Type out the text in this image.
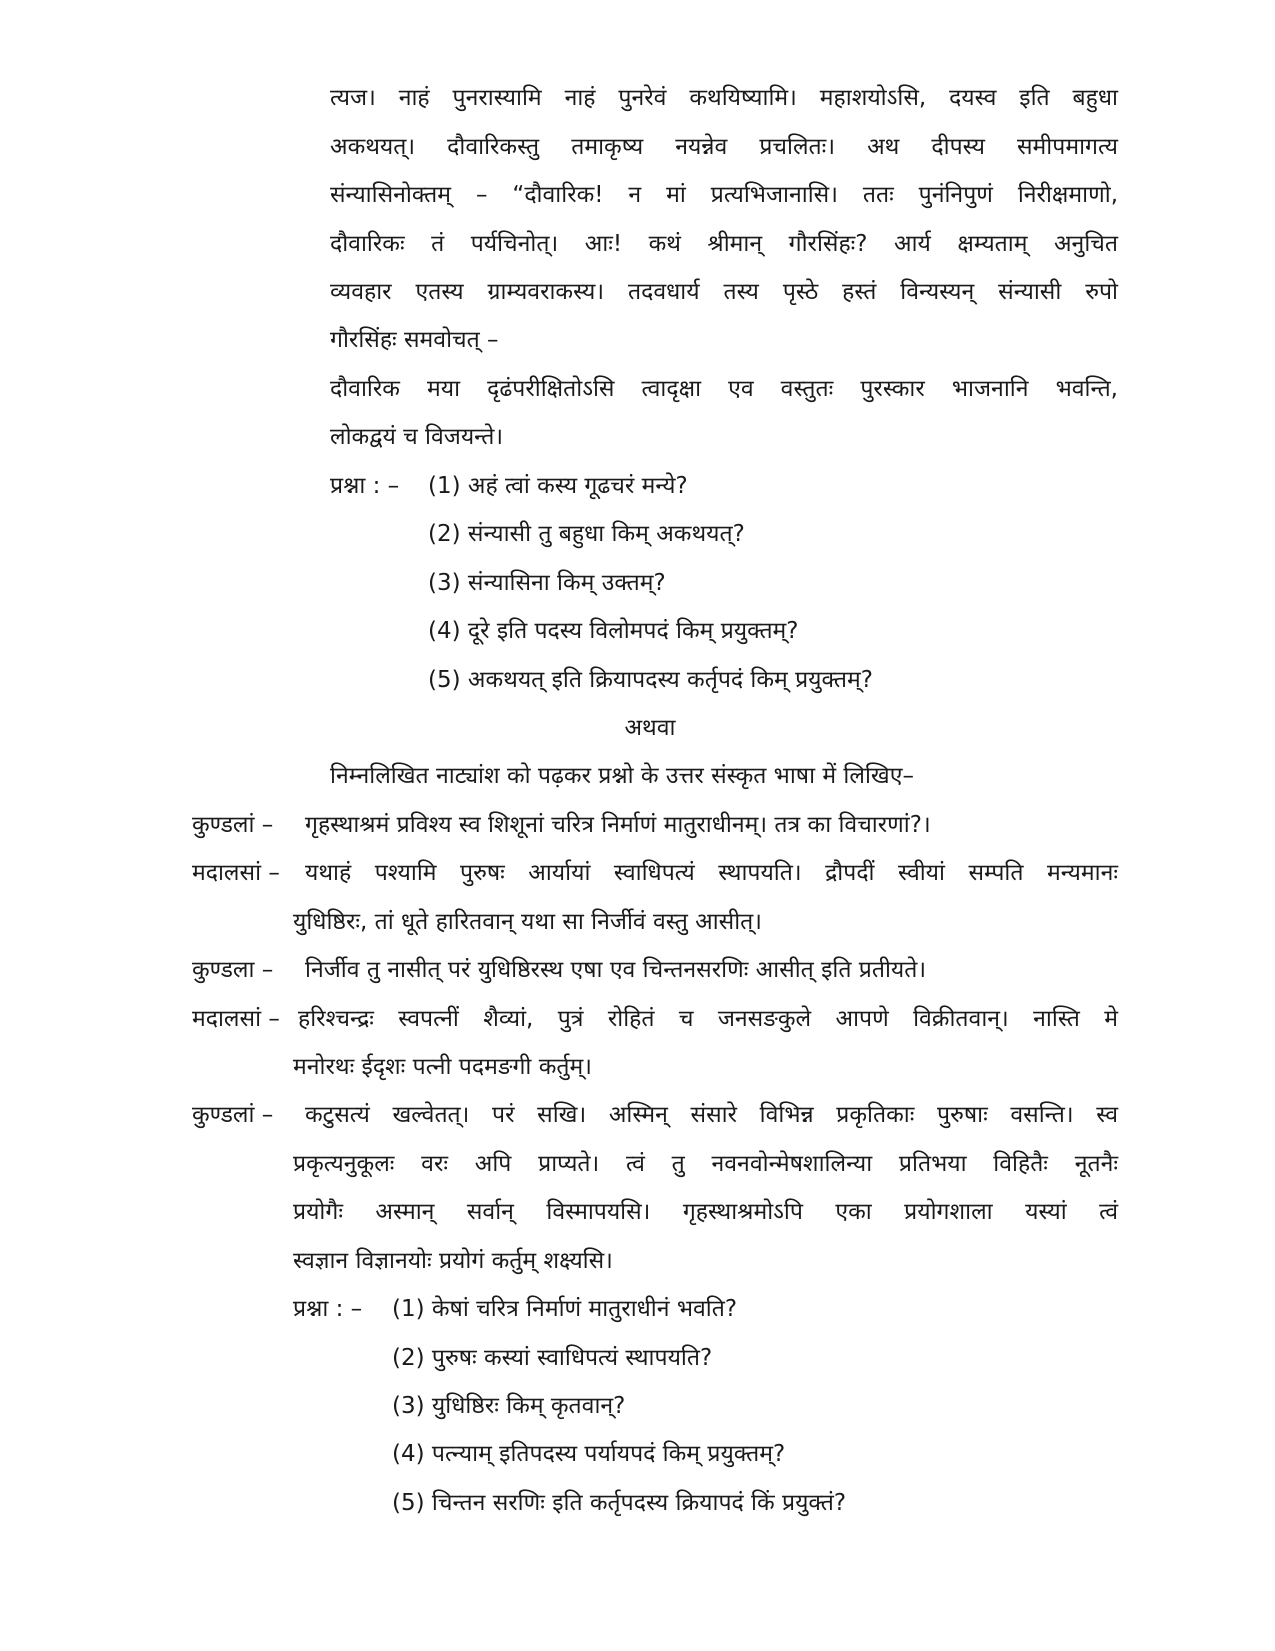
त्यज। नाहं पुनरास्यामि नाहं पुनरेवं कथयिष्यामि। महाशयोऽसि, दयस्व इति बहुधा
अकथयत्। दौवारिकस्तु तमाकृष्य नयन्नेव प्रचलितः। अथ दीपस्य समीपमागत्य
संन्यासिनोक्तम् – “दौवारिक! न मां प्रत्यभिजानासि। ततः पुनंनिपुणं निरीक्षमाणो,
दौवारिकः तं पर्यचिनोत्। आः! कथं श्रीमान् गौरसिंहः? आर्य क्षम्यताम् अनुचित
व्यवहार एतस्य ग्राम्यवराकस्य। तदवधार्य तस्य पृस्ठे हस्तं विन्यस्यन् संन्यासी रुपो
गौरसिंहः समवोचत् –
दौवारिक मया दृढंपरीक्षितोऽसि त्वादृक्षा एव वस्तुतः पुरस्कार भाजनानि भवन्ति,
लोकद्वयं च विजयन्ते।
प्रश्ना : – (1) अहं त्वां कस्य गूढचरं मन्ये?
(2) संन्यासी तु बहुधा किम् अकथयत्?
(3) संन्यासिना किम् उक्तम्?
(4) दूरे इति पदस्य विलोमपदं किम् प्रयुक्तम्?
(5) अकथयत् इति क्रियापदस्य कर्तृपदं किम् प्रयुक्तम्?
अथवा
निम्नलिखित नाट्यांश को पढ़कर प्रश्नो के उत्तर संस्कृत भाषा में लिखिए–
कुण्डलां – गृहस्थाश्रमं प्रविश्य स्व शिशूनां चरित्र निर्माणं मातुराधीनम्। तत्र का विचारणां?।
मदालसां – यथाहं पश्यामि पुरुषः आर्यायां स्वाधिपत्यं स्थापयति। द्रौपदीं स्वीयां सम्पति मन्यमानः
युधिष्ठिरः, तां धूते हारितवान् यथा सा निर्जीवं वस्तु आसीत्।
कुण्डला – निर्जीव तु नासीत् परं युधिष्ठिरस्थ एषा एव चिन्तनसरणिः आसीत् इति प्रतीयते।
मदालसां – हरिश्चन्द्रः स्वपत्नीं शैव्यां, पुत्रं रोहितं च जनसङकुले आपणे विक्रीतवान्। नास्ति मे
मनोरथः ईदृशः पत्नी पदमङगी कर्तुम्।
कुण्डलां – कटुसत्यं खल्वेतत्। परं सखि। अस्मिन् संसारे विभिन्न प्रकृतिकाः पुरुषाः वसन्ति। स्व
प्रकृत्यनुकूलः वरः अपि प्राप्यते। त्वं तु नवनवोन्मेषशालिन्या प्रतिभया विहितैः नूतनैः
प्रयोगैः अस्मान् सर्वान् विस्मापयसि। गृहस्थाश्रमोऽपि एका प्रयोगशाला यस्यां त्वं
स्वज्ञान विज्ञानयोः प्रयोगं कर्तुम् शक्ष्यसि।
प्रश्ना : – (1) केषां चरित्र निर्माणं मातुराधीनं भवति?
(2) पुरुषः कस्यां स्वाधिपत्यं स्थापयति?
(3) युधिष्ठिरः किम् कृतवान्?
(4) पत्न्याम् इतिपदस्य पर्यायपदं किम् प्रयुक्तम्?
(5) चिन्तन सरणिः इति कर्तृपदस्य क्रियापदं किं प्रयुक्तं?
